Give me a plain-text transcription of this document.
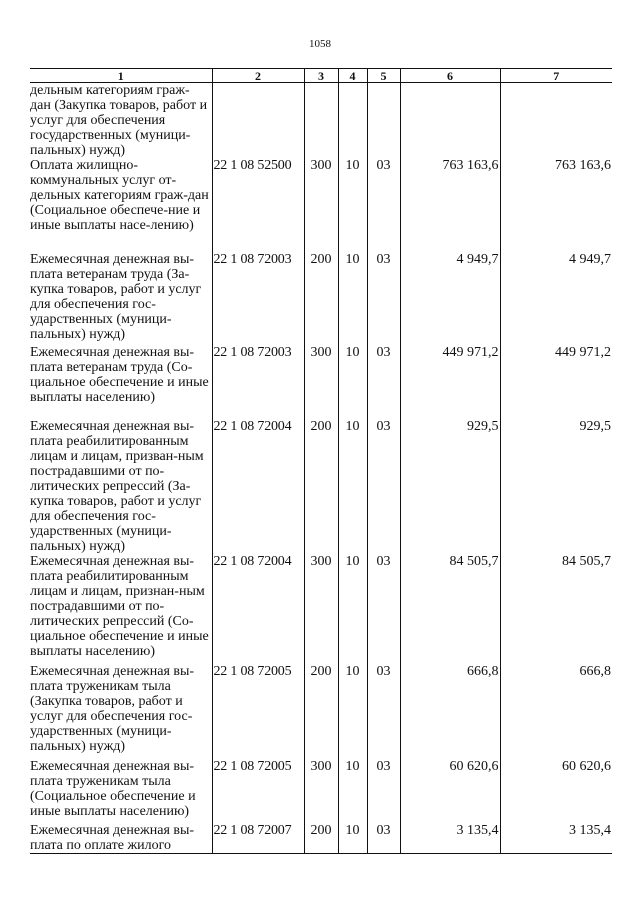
1058
1	2	3	4	5	6	7
дельным категориям граж-дан (Закупка товаров, работ и услуг для обеспечения государственных (муници-пальных) нужд)						
Оплата жилищно-коммунальных услуг от-дельных категориям граж-дан (Социальное обеспече-ние и иные выплаты насе-лению)	22 1 08 52500	300	10	03	763 163,6	763 163,6
Ежемесячная денежная вы-плата ветеранам труда (За-купка товаров, работ и услуг для обеспечения гос-ударственных (муници-пальных) нужд)	22 1 08 72003	200	10	03	4 949,7	4 949,7
Ежемесячная денежная вы-плата ветеранам труда (Со-циальное обеспечение и иные выплаты населению)	22 1 08 72003	300	10	03	449 971,2	449 971,2
Ежемесячная денежная вы-плата реабилитированным лицам и лицам, призван-ным пострадавшими от по-литических репрессий (За-купка товаров, работ и услуг для обеспечения гос-ударственных (муници-пальных) нужд)	22 1 08 72004	200	10	03	929,5	929,5
Ежемесячная денежная вы-плата реабилитированным лицам и лицам, признан-ным пострадавшими от по-литических репрессий (Со-циальное обеспечение и иные выплаты населению)	22 1 08 72004	300	10	03	84 505,7	84 505,7
Ежемесячная денежная вы-плата труженикам тыла (Закупка товаров, работ и услуг для обеспечения гос-ударственных (муници-пальных) нужд)	22 1 08 72005	200	10	03	666,8	666,8
Ежемесячная денежная вы-плата труженикам тыла (Социальное обеспечение и иные выплаты населению)	22 1 08 72005	300	10	03	60 620,6	60 620,6
Ежемесячная денежная вы-плата по оплате жилого	22 1 08 72007	200	10	03	3 135,4	3 135,4
